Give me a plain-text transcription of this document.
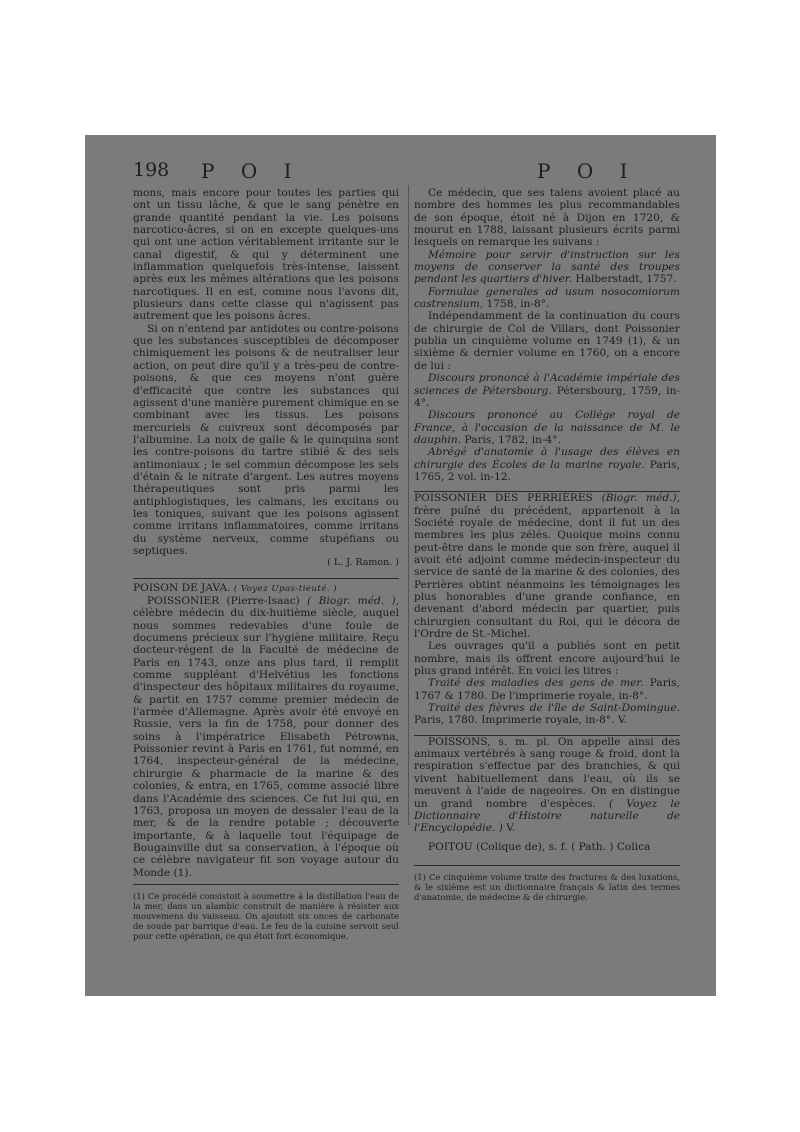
198 P O I	P O I

mons, mais encore pour toutes les parties qui ont un tissu lâche, & que le sang pénètre en grande quantité pendant la vie. Les poisons narcotico-âcres, si on en excepte quelques-uns qui ont une action véritablement irritante sur le canal digestif, & qui y déterminent une inflammation quelquefois très-intense, laissent après eux les mêmes altérations que les poisons narcotiques. Il en est, comme nous l'avons dit, plusieurs dans cette classe qui n'agissent pas autrement que les poisons âcres.

Si on n'entend par antidotes ou contre-poisons que les substances susceptibles de décomposer chimiquement les poisons & de neutraliser leur action, on peut dire qu'il y a très-peu de contre-poisons, & que ces moyens n'ont guère d'efficacité que contre les substances qui agissent d'une manière purement chimique en se combinant avec les tissus. Les poisons mercuriels & cuivreux sont décomposés par l'albumine. La noix de galle & le quinquina sont les contre-poisons du tartre stibié & des sels antimoniaux ; le sel commun décompose les sels d'étain & le nitrate d'argent. Les autres moyens thérapeutiques sont pris parmi les antiphlogistiques, les calmans, les excitans ou les toniques, suivant que les poisons agissent comme irritans inflammatoires, comme irritans du système nerveux, comme stupéfians ou septiques.

( L. J. Ramon. )

POISON DE JAVA. ( Voyez Upas-tieuté. )

POISSONIER (Pierre-Isaac) ( Biogr. méd. ), célèbre médecin du dix-huitième siècle, auquel nous sommes redevables d'une foule de documens précieux sur l'hygiène militaire. Reçu docteur-régent de la Faculté de médecine de Paris en 1743, onze ans plus tard, il remplit comme suppléant d'Helvétius les fonctions d'inspecteur des hôpitaux militaires du royaume, & partit en 1757 comme premier médecin de l'armée d'Allemagne. Après avoir été envoyé en Russie, vers la fin de 1758, pour donner des soins à l'impératrice Elisabeth Pétrowna, Poissonier revint à Paris en 1761, fut nommé, en 1764, inspecteur-général de la médecine, chirurgie & pharmacie de la marine & des colonies, & entra, en 1765, comme associé libre dans l'Académie des sciences. Ce fut lui qui, en 1763, proposa un moyen de dessaler l'eau de la mer, & de la rendre potable ; découverte importante, & à laquelle tout l'équipage de Bougainville dut sa conservation, à l'époque où ce célèbre navigateur fit son voyage autour du Monde (1).

(1) Ce procédé consistoit à soumettre à la distillation l'eau de la mer, dans un alambic construit de manière à résister aux mouvemens du vaisseau. On ajoutoit six onces de carbonate de soude par barrique d'eau. Le feu de la cuisine servoit seul pour cette opération, ce qui étoit fort économique.

Ce médecin, que ses talens avoient placé au nombre des hommes les plus recommandables de son époque, étoit né à Dijon en 1720, & mourut en 1788, laissant plusieurs écrits parmi lesquels on remarque les suivans :

Mémoire pour servir d'instruction sur les moyens de conserver la santé des troupes pendant les quartiers d'hiver. Halberstadt, 1757.

Formulae generales ad usum nosocomiorum castrensium, 1758, in-8°.

Indépendamment de la continuation du cours de chirurgie de Col de Villars, dont Poissonier publia un cinquième volume en 1749 (1), & un sixième & dernier volume en 1760, on a encore de lui :

Discours prononcé à l'Académie impériale des sciences de Pétersbourg. Pétersbourg, 1759, in-4°.

Discours prononcé au Collége royal de France, à l'occasion de la naissance de M. le dauphin. Paris, 1782, in-4°.

Abrégé d'anatomie à l'usage des élèves en chirurgie des Écoles de la marine royale. Paris, 1765, 2 vol. in-12.

POISSONIER DES PERRIÈRES (Biogr. méd.), frère puîné du précédent, appartenoit à la Société royale de médecine, dont il fut un des membres les plus zélés. Quoique moins connu peut-être dans le monde que son frère, auquel il avoit été adjoint comme médecin-inspecteur du service de santé de la marine & des colonies, des Perrières obtint néanmoins les témoignages les plus honorables d'une grande confiance, en devenant d'abord médecin par quartier, puis chirurgien consultant du Roi, qui le décora de l'Ordre de St.-Michel.

Les ouvrages qu'il a publiés sont en petit nombre, mais ils offrent encore aujourd'hui le plus grand intérêt. En voici les titres :

Traité des maladies des gens de mer. Paris, 1767 & 1780. De l'imprimerie royale, in-8°.

Traité des fièvres de l'île de Saint-Domingue. Paris, 1780. Imprimerie royale, in-8°. V.

POISSONS, s. m. pl. On appelle ainsi des animaux vertébrés à sang rouge & froid, dont la respiration s'effectue par des branchies, & qui vivent habituellement dans l'eau, où ils se meuvent à l'aide de nageoires. On en distingue un grand nombre d'espèces. ( Voyez le Dictionnaire d'Histoire naturelle de l'Encyclopédie. ) V.

POITOU (Colique de), s. f. ( Path. ) Colica

(1) Ce cinquième volume traite des fractures & des luxations, & le sixième est un dictionnaire français & latin des termes d'anatomie, de médecine & de chirurgie.
